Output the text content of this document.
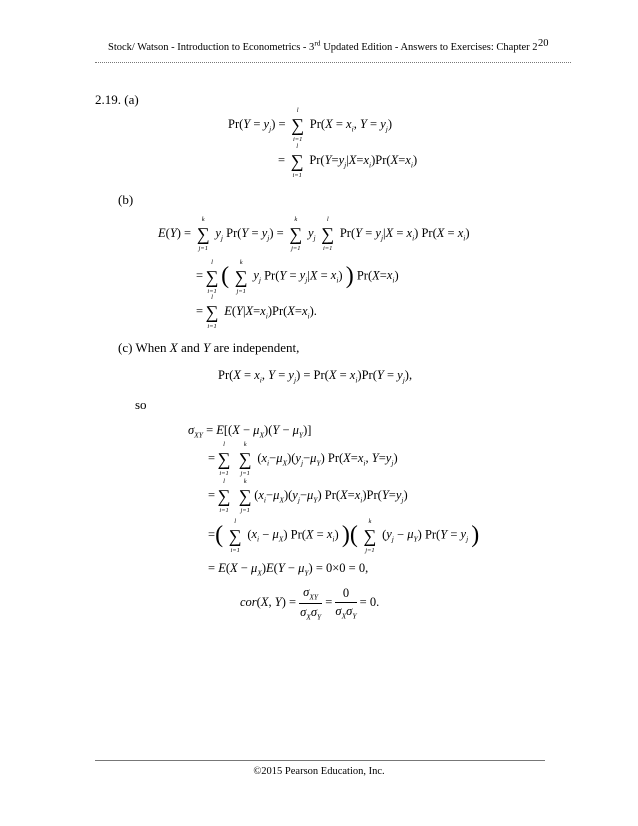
Stock/ Watson - Introduction to Econometrics - 3rd Updated Edition - Answers to Exercises: Chapter 2 20
2.19. (a)
$Pr(Y = y_j)$ =
l
∑
i=1
$Pr(X = x_i$, $Y = y_j$)
=
l
∑
i=1
$Pr(Y=y_j|X=x_i)Pr(X=x_i)$
(b)
E(Y) =
k
∑
j=1
$y_j$ $Pr(Y = y_j)$ =
k
∑
j=1
$y_j$
l
∑
i=1
$Pr(Y = y_j|X = x_i)$ $Pr(X = x_i)$
=
l
∑
i=1
(
k
∑
j=1
$y_j$ $Pr(Y = y_j|X = x_i)$ ) $Pr(X=x_i)$
=
l
∑
i=1
$E(Y|X=x_i)Pr(X=x_i)$.
(c) When X and Y are independent,
$Pr(X = x_i$, $Y = y_j) = Pr(X = x_i)Pr(Y = y_j)$,
so
$\sigma_{XY} = E[(X - \mu_X)(Y - \mu_Y)]$
=
l
∑
i=1

k
∑
j=1
$(x_i-\mu_X)(y_j-\mu_Y)$ $Pr(X=x_i$, $Y=y_j$)
=
l
∑
i=1

k
∑
j=1
$(x_i-\mu_X)(y_j-\mu_Y)$ $Pr(X=x_i)Pr(Y=y_j)$
=(
l
∑
i=1
$(x_i - \mu_X) Pr(X = x_i)$ )(
k
∑
j=1
$(y_j - \mu_Y) Pr(Y = y_j$ )
= $E(X - \mu_X)E(Y - \mu_Y) = 0\times 0 = 0$,
cor(X, $Y) = \frac{\sigma_{XY}}{\sigma_X\sigma_Y} = \frac{0}{\sigma_X\sigma_Y} = 0$.
©2015 Pearson Education, Inc.
